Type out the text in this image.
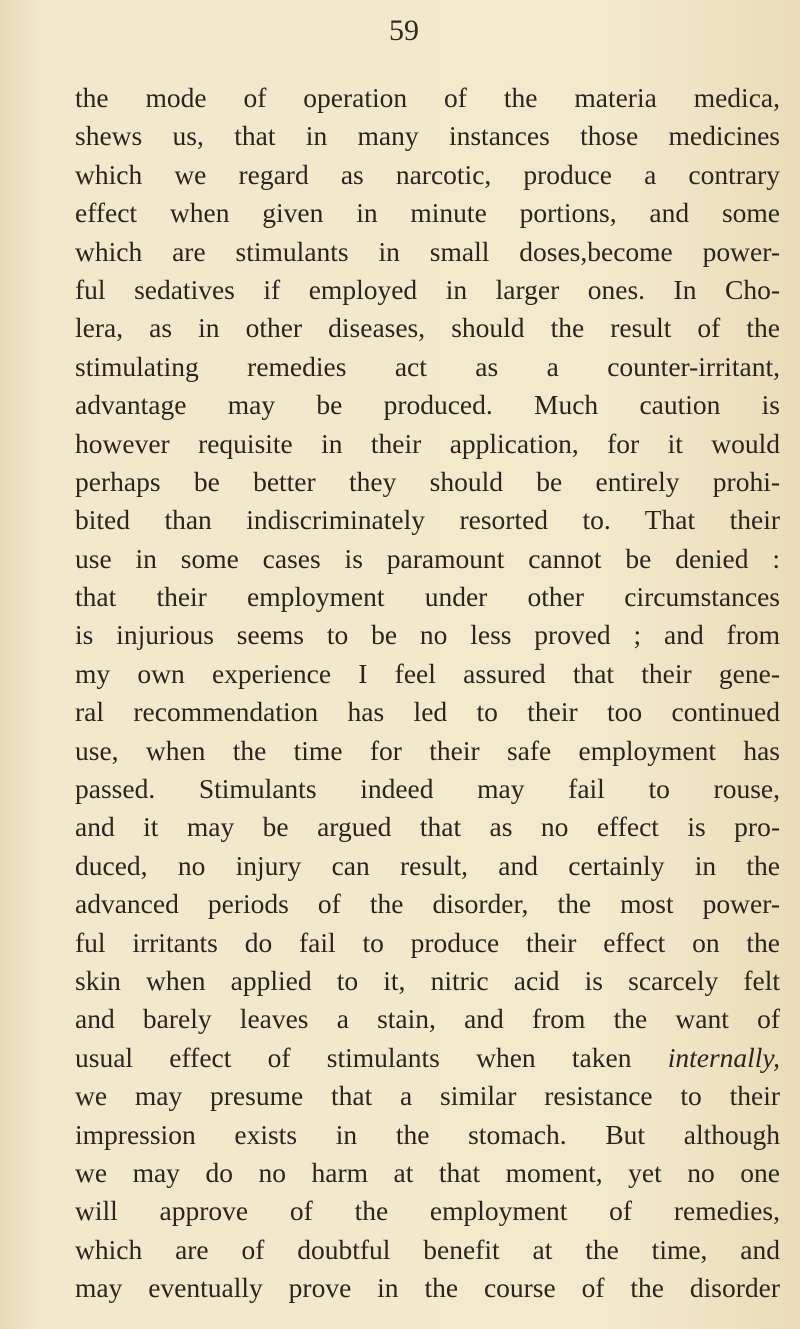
59
the mode of operation of the materia medica,
shews us, that in many instances those medicines
which we regard as narcotic, produce a contrary
effect when given in minute portions, and some
which are stimulants in small doses,become power-
ful sedatives if employed in larger ones. In Cho-
lera, as in other diseases, should the result of the
stimulating remedies act as a counter-irritant,
advantage may be produced. Much caution is
however requisite in their application, for it would
perhaps be better they should be entirely prohi-
bited than indiscriminately resorted to. That their
use in some cases is paramount cannot be denied :
that their employment under other circumstances
is injurious seems to be no less proved ; and from
my own experience I feel assured that their gene-
ral recommendation has led to their too continued
use, when the time for their safe employment has
passed. Stimulants indeed may fail to rouse,
and it may be argued that as no effect is pro-
duced, no injury can result, and certainly in the
advanced periods of the disorder, the most power-
ful irritants do fail to produce their effect on the
skin when applied to it, nitric acid is scarcely felt
and barely leaves a stain, and from the want of
usual effect of stimulants when taken internally,
we may presume that a similar resistance to their
impression exists in the stomach. But although
we may do no harm at that moment, yet no one
will approve of the employment of remedies,
which are of doubtful benefit at the time, and
may eventually prove in the course of the disorder
